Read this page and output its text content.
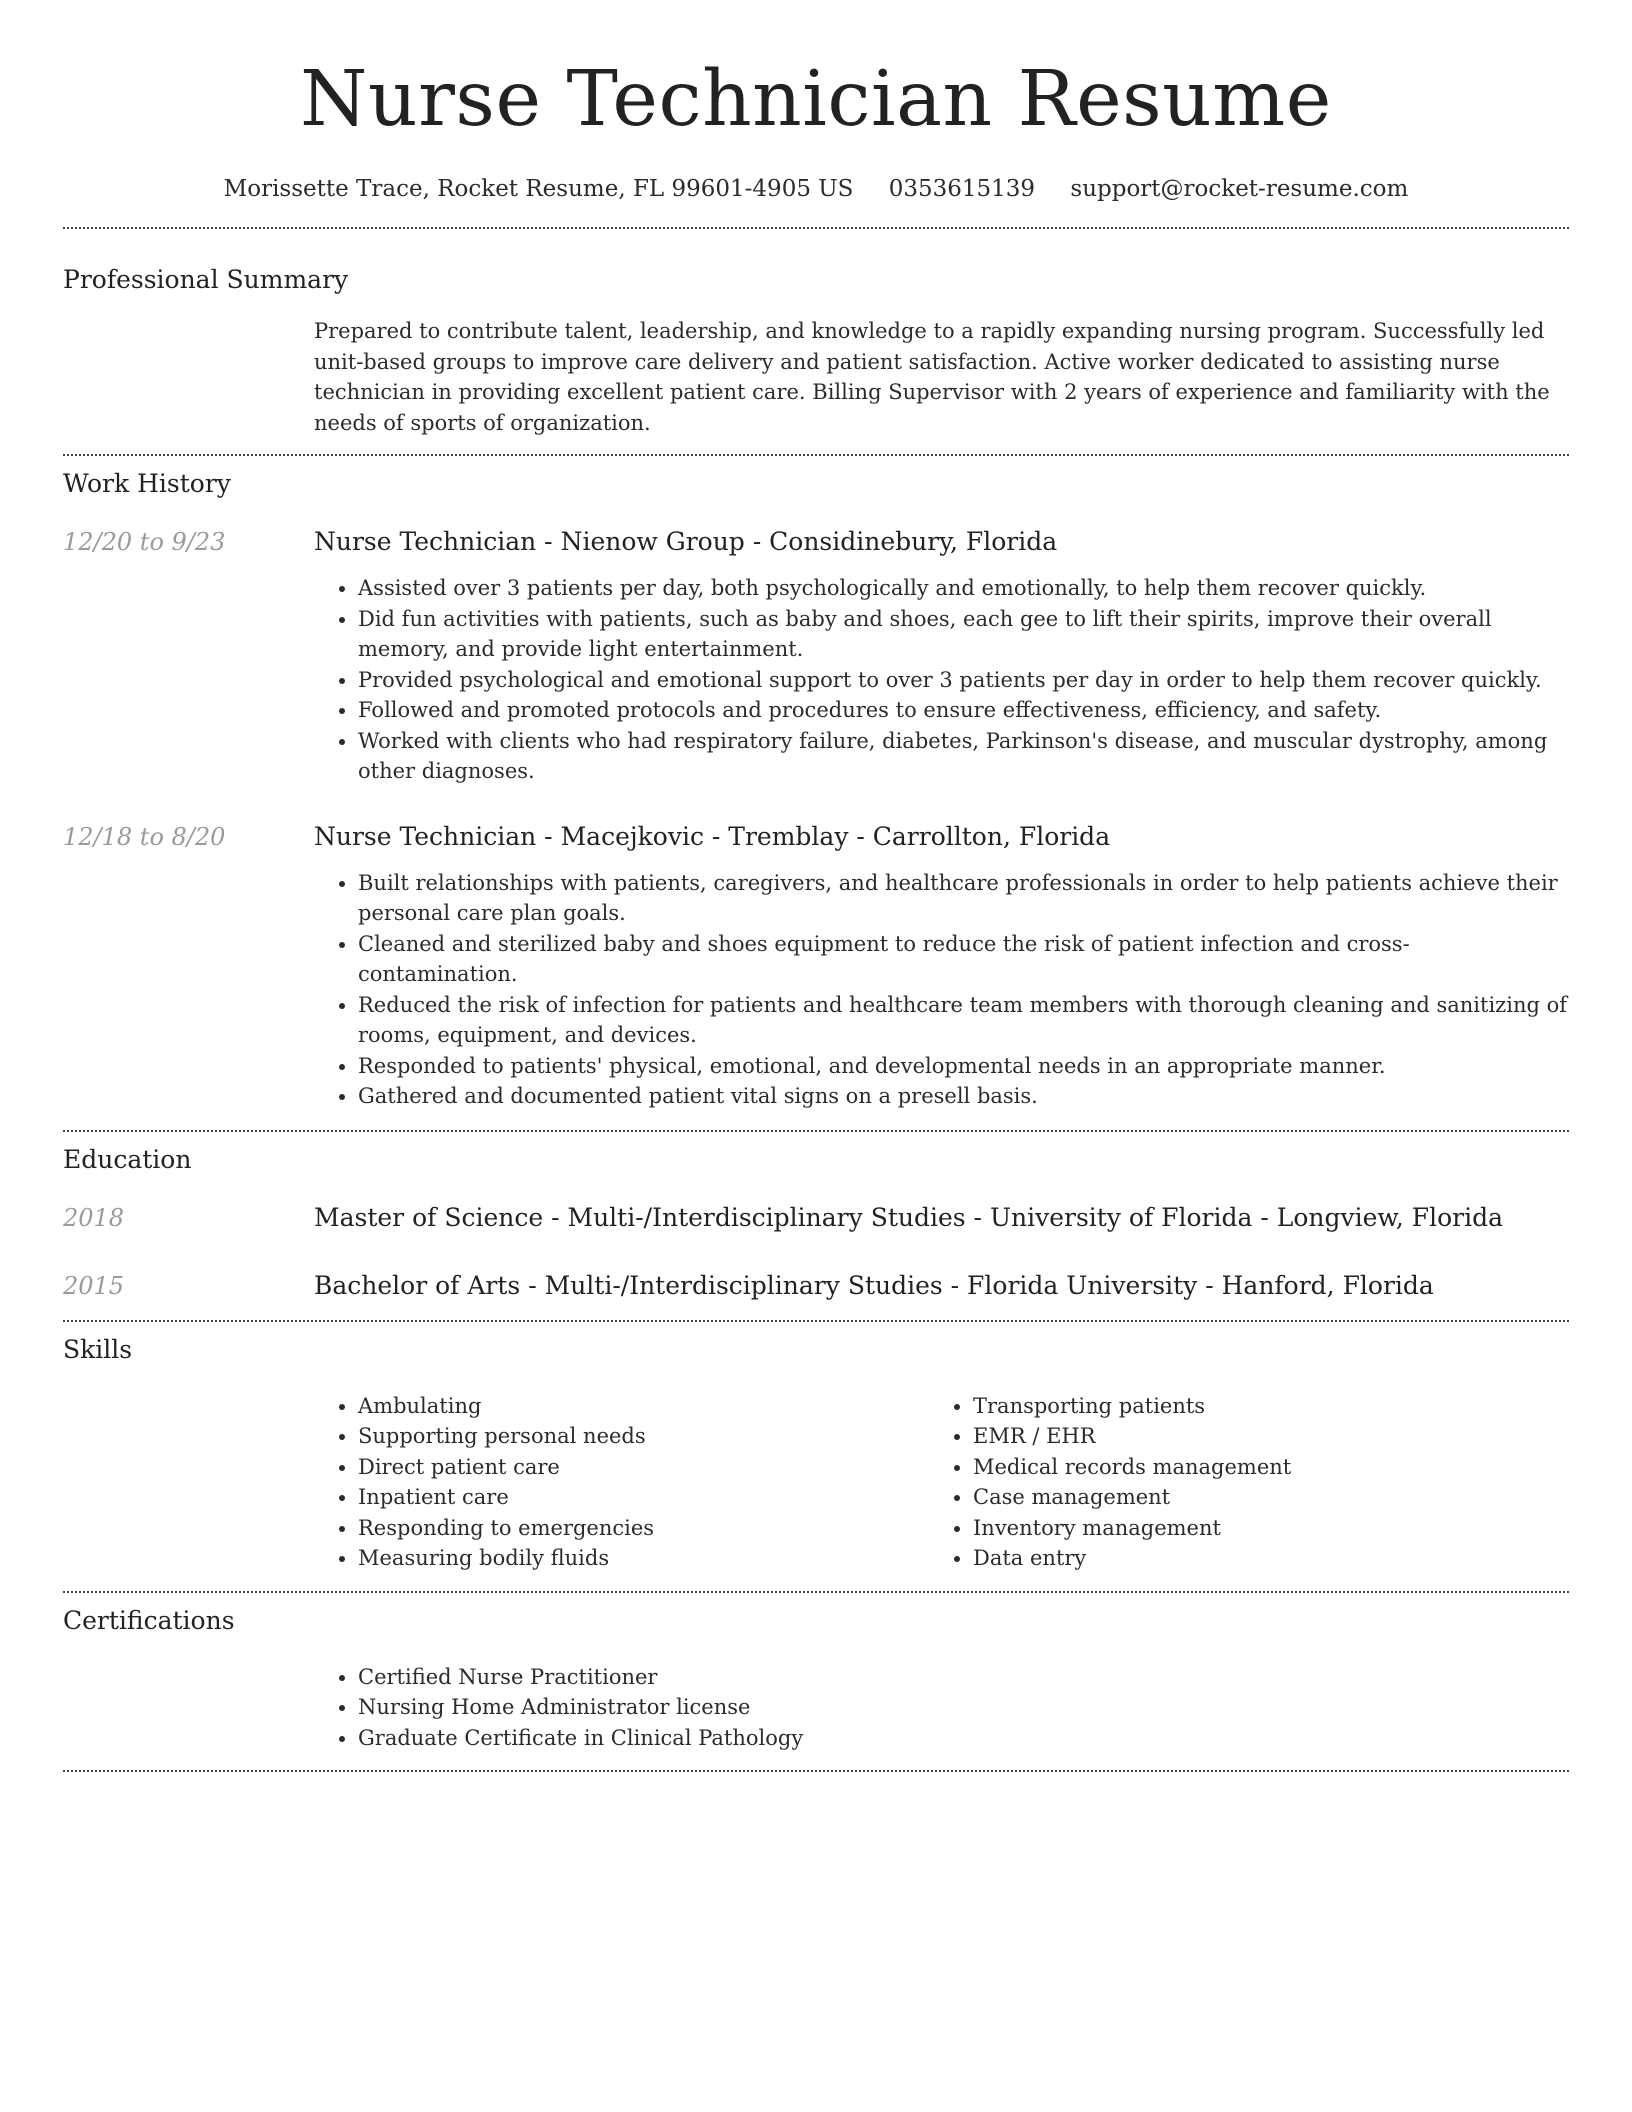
Nurse Technician Resume
Morissette Trace, Rocket Resume, FL 99601-4905 US 0353615139 support@rocket-resume.com
Professional Summary

Prepared to contribute talent, leadership, and knowledge to a rapidly expanding nursing program. Successfully led unit-based groups to improve care delivery and patient satisfaction. Active worker dedicated to assisting nurse technician in providing excellent patient care. Billing Supervisor with 2 years of experience and familiarity with the needs of sports of organization.

Work History
12/20 to 9/23	Nurse Technician - Nienow Group - Considinebury, Florida
• Assisted over 3 patients per day, both psychologically and emotionally, to help them recover quickly.
• Did fun activities with patients, such as baby and shoes, each gee to lift their spirits, improve their overall memory, and provide light entertainment.
• Provided psychological and emotional support to over 3 patients per day in order to help them recover quickly.
• Followed and promoted protocols and procedures to ensure effectiveness, efficiency, and safety.
• Worked with clients who had respiratory failure, diabetes, Parkinson's disease, and muscular dystrophy, among other diagnoses.
12/18 to 8/20	Nurse Technician - Macejkovic - Tremblay - Carrollton, Florida
• Built relationships with patients, caregivers, and healthcare professionals in order to help patients achieve their personal care plan goals.
• Cleaned and sterilized baby and shoes equipment to reduce the risk of patient infection and cross-contamination.
• Reduced the risk of infection for patients and healthcare team members with thorough cleaning and sanitizing of rooms, equipment, and devices.
• Responded to patients' physical, emotional, and developmental needs in an appropriate manner.
• Gathered and documented patient vital signs on a presell basis.
Education
2018	Master of Science - Multi-/Interdisciplinary Studies - University of Florida - Longview, Florida
2015	Bachelor of Arts - Multi-/Interdisciplinary Studies - Florida University - Hanford, Florida
Skills
• Ambulating
• Supporting personal needs
• Direct patient care
• Inpatient care
• Responding to emergencies
• Measuring bodily fluids
• Transporting patients
• EMR / EHR
• Medical records management
• Case management
• Inventory management
• Data entry
Certifications
• Certified Nurse Practitioner
• Nursing Home Administrator license
• Graduate Certificate in Clinical Pathology
